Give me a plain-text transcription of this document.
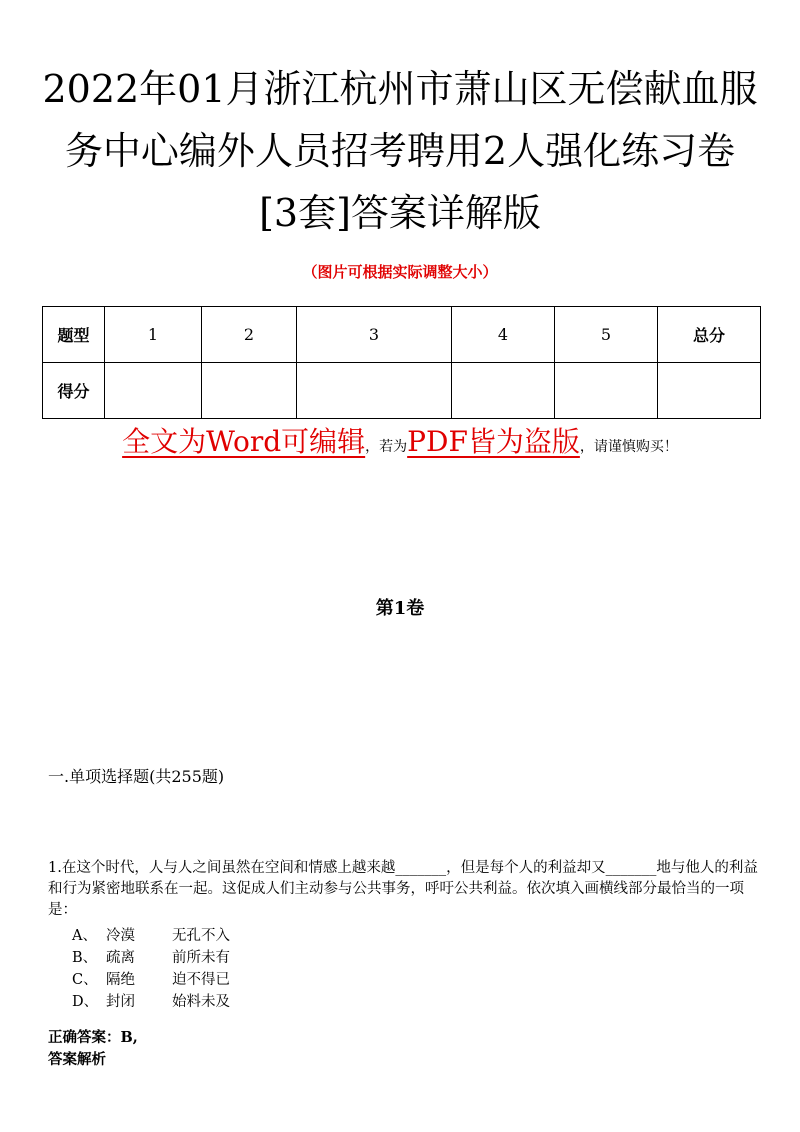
2022年01月浙江杭州市萧山区无偿献血服
务中心编外人员招考聘用2人强化练习卷
[3套]答案详解版
（图片可根据实际调整大小）
题型	1	2	3	4	5	总分
得分						
全文为Word可编辑，若为PDF皆为盗版，请谨慎购买！
第1卷
一.单项选择题(共255题)
1.在这个时代，人与人之间虽然在空间和情感上越来越_______，但是每个人的利益却又_______地与他人的利益和行为紧密地联系在一起。这促成人们主动参与公共事务，呼吁公共利益。依次填入画横线部分最恰当的一项是：
A、 冷漠	无孔不入
B、 疏离	前所未有
C、 隔绝	迫不得已
D、 封闭	始料未及
正确答案：B,
答案解析
